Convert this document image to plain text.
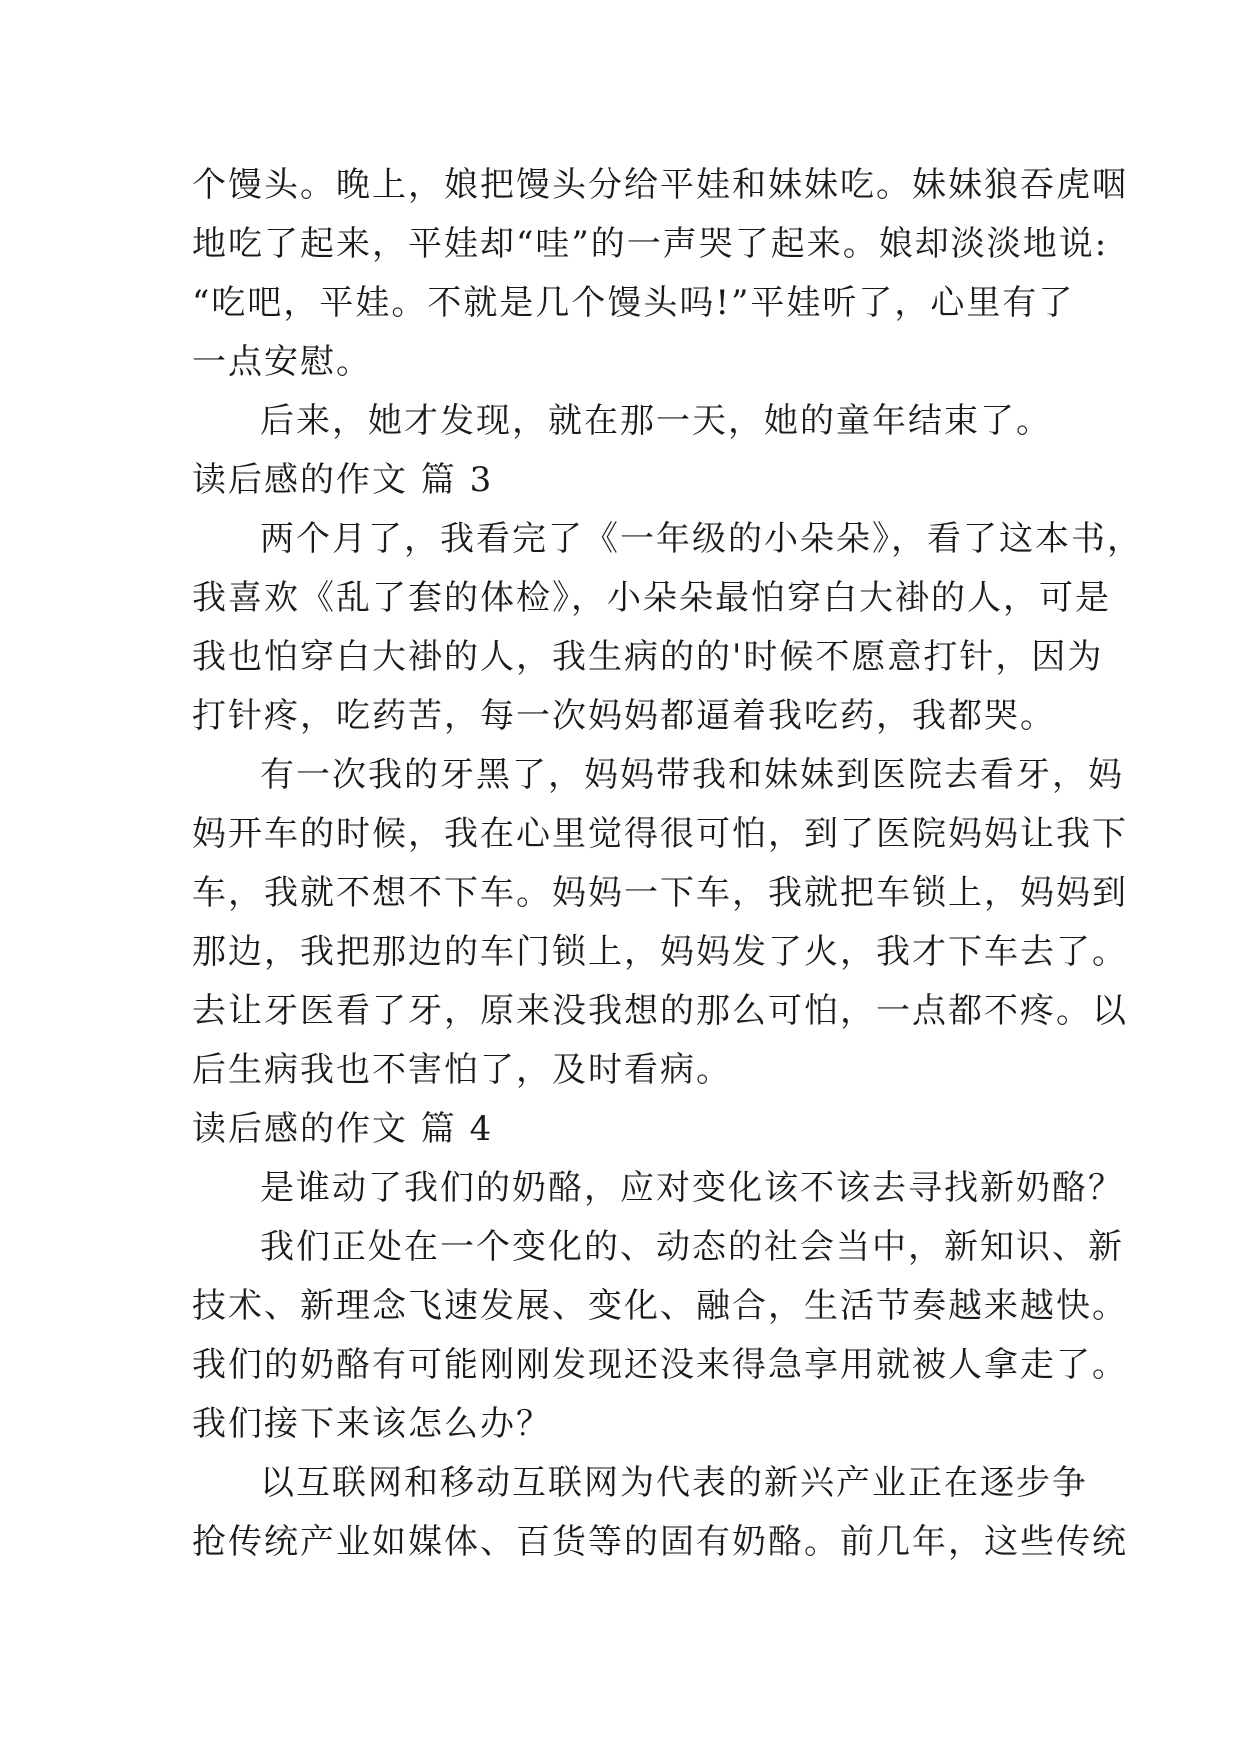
个馒头。晚上，娘把馒头分给平娃和妹妹吃。妹妹狼吞虎咽
地吃了起来，平娃却“哇”的一声哭了起来。娘却淡淡地说:
“吃吧，平娃。不就是几个馒头吗!”平娃听了，心里有了
一点安慰。
后来，她才发现，就在那一天，她的童年结束了。
读后感的作文 篇 3
两个月了，我看完了《一年级的小朵朵》，看了这本书，
我喜欢《乱了套的体检》，小朵朵最怕穿白大褂的人，可是
我也怕穿白大褂的人，我生病的的'时候不愿意打针，因为
打针疼，吃药苦，每一次妈妈都逼着我吃药，我都哭。
有一次我的牙黑了，妈妈带我和妹妹到医院去看牙，妈
妈开车的时候，我在心里觉得很可怕，到了医院妈妈让我下
车，我就不想不下车。妈妈一下车，我就把车锁上，妈妈到
那边，我把那边的车门锁上，妈妈发了火，我才下车去了。
去让牙医看了牙，原来没我想的那么可怕，一点都不疼。以
后生病我也不害怕了，及时看病。
读后感的作文 篇 4
是谁动了我们的奶酪，应对变化该不该去寻找新奶酪？
我们正处在一个变化的、动态的社会当中，新知识、新
技术、新理念飞速发展、变化、融合，生活节奏越来越快。
我们的奶酪有可能刚刚发现还没来得急享用就被人拿走了。
我们接下来该怎么办？
以互联网和移动互联网为代表的新兴产业正在逐步争
抢传统产业如媒体、百货等的固有奶酪。前几年，这些传统
